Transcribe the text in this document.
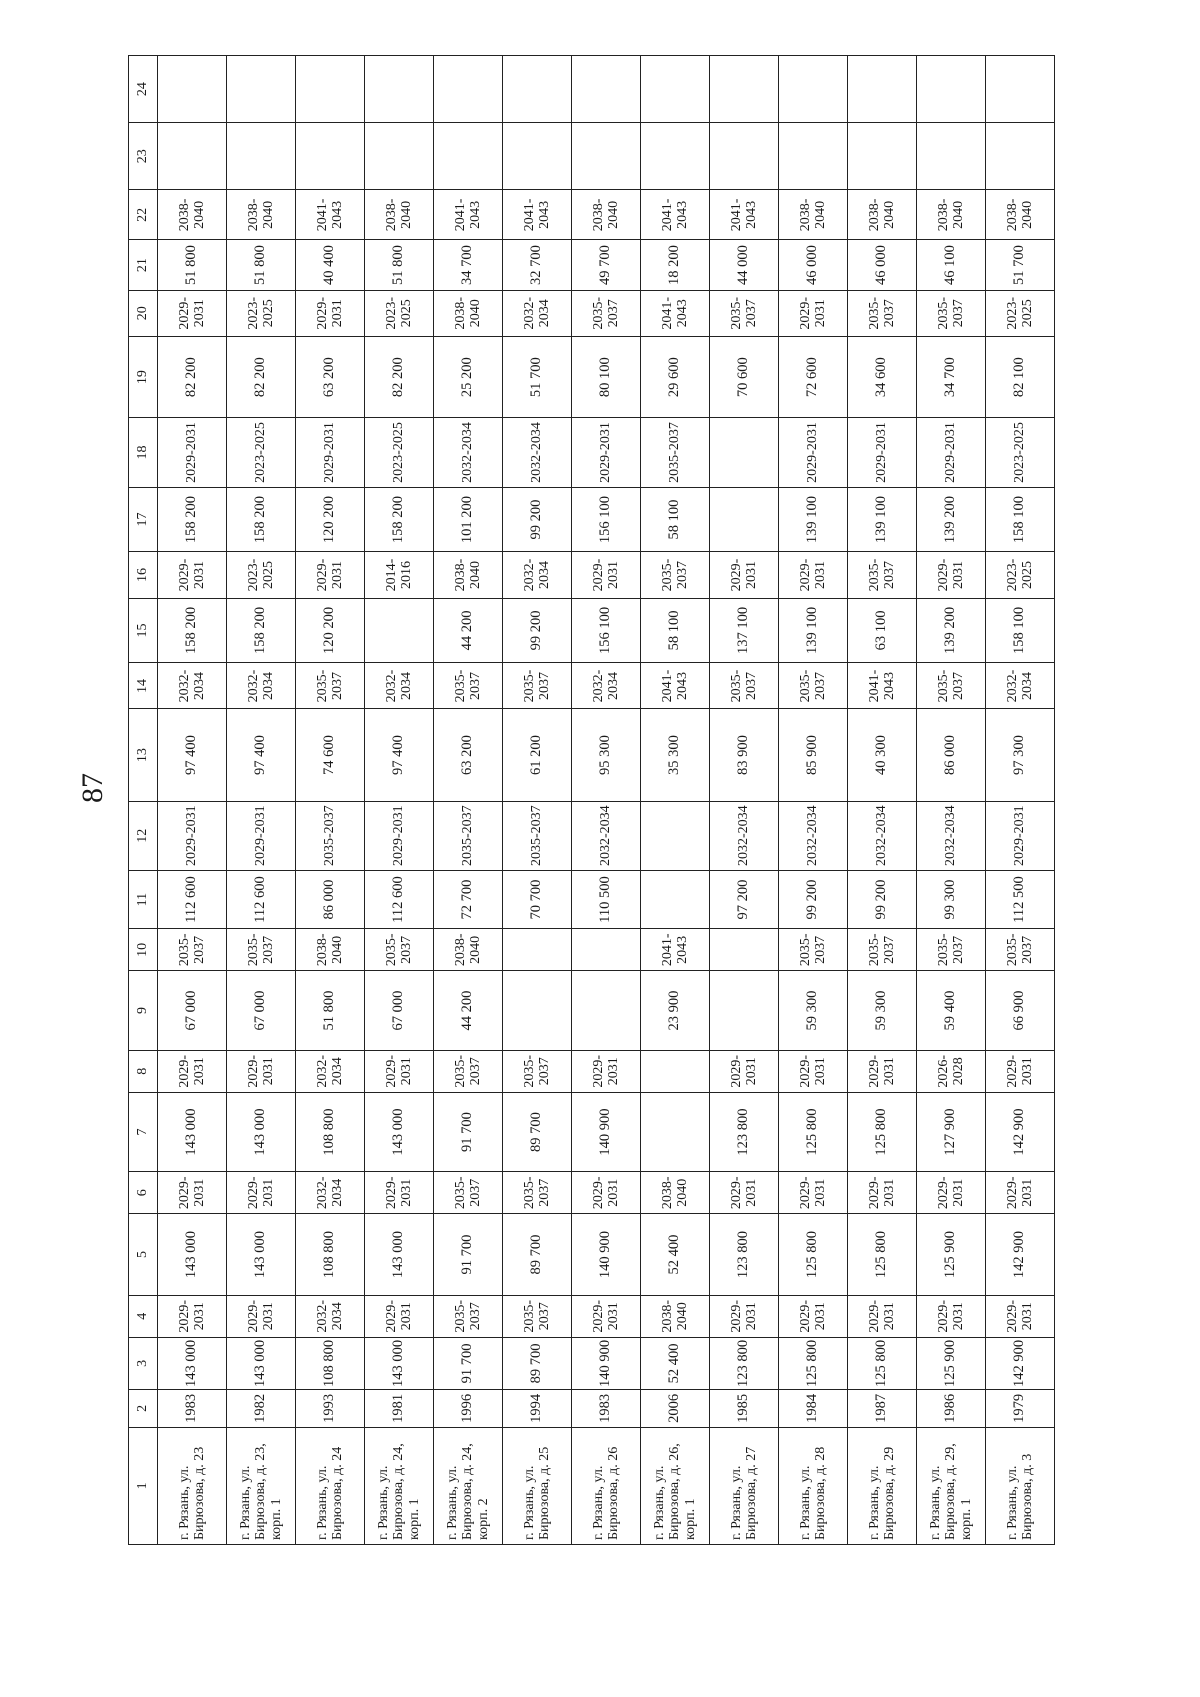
87
1	2	3	4	5	6	7	8	9	10	11	12	13	14	15	16	17	18	19	20	21	22	23	24
г. Рязань, ул. Бирюзова, д. 23	1983	143 000	2029-2031	143 000	2029-2031	143 000	2029-2031	67 000	2035-2037	112 600	2029-2031	97 400	2032-2034	158 200	2029-2031	158 200	2029-2031	82 200	2029-2031	51 800	2038-2040		
г. Рязань, ул. Бирюзова, д. 23, корп. 1	1982	143 000	2029-2031	143 000	2029-2031	143 000	2029-2031	67 000	2035-2037	112 600	2029-2031	97 400	2032-2034	158 200	2023-2025	158 200	2023-2025	82 200	2023-2025	51 800	2038-2040		
г. Рязань, ул. Бирюзова, д. 24	1993	108 800	2032-2034	108 800	2032-2034	108 800	2032-2034	51 800	2038-2040	86 000	2035-2037	74 600	2035-2037	120 200	2029-2031	120 200	2029-2031	63 200	2029-2031	40 400	2041-2043		
г. Рязань, ул. Бирюзова, д. 24, корп. 1	1981	143 000	2029-2031	143 000	2029-2031	143 000	2029-2031	67 000	2035-2037	112 600	2029-2031	97 400	2032-2034		2014-2016	158 200	2023-2025	82 200	2023-2025	51 800	2038-2040		
г. Рязань, ул. Бирюзова, д. 24, корп. 2	1996	91 700	2035-2037	91 700	2035-2037	91 700	2035-2037	44 200	2038-2040	72 700	2035-2037	63 200	2035-2037	44 200	2038-2040	101 200	2032-2034	25 200	2038-2040	34 700	2041-2043		
г. Рязань, ул. Бирюзова, д. 25	1994	89 700	2035-2037	89 700	2035-2037	89 700	2035-2037			70 700	2035-2037	61 200	2035-2037	99 200	2032-2034	99 200	2032-2034	51 700	2032-2034	32 700	2041-2043		
г. Рязань, ул. Бирюзова, д. 26	1983	140 900	2029-2031	140 900	2029-2031	140 900	2029-2031			110 500	2032-2034	95 300	2032-2034	156 100	2029-2031	156 100	2029-2031	80 100	2035-2037	49 700	2038-2040		
г. Рязань, ул. Бирюзова, д. 26, корп. 1	2006	52 400	2038-2040	52 400	2038-2040			23 900	2041-2043			35 300	2041-2043	58 100	2035-2037	58 100	2035-2037	29 600	2041-2043	18 200	2041-2043		
г. Рязань, ул. Бирюзова, д. 27	1985	123 800	2029-2031	123 800	2029-2031	123 800	2029-2031			97 200	2032-2034	83 900	2035-2037	137 100	2029-2031			70 600	2035-2037	44 000	2041-2043		
г. Рязань, ул. Бирюзова, д. 28	1984	125 800	2029-2031	125 800	2029-2031	125 800	2029-2031	59 300	2035-2037	99 200	2032-2034	85 900	2035-2037	139 100	2029-2031	139 100	2029-2031	72 600	2029-2031	46 000	2038-2040		
г. Рязань, ул. Бирюзова, д. 29	1987	125 800	2029-2031	125 800	2029-2031	125 800	2029-2031	59 300	2035-2037	99 200	2032-2034	40 300	2041-2043	63 100	2035-2037	139 100	2029-2031	34 600	2035-2037	46 000	2038-2040		
г. Рязань, ул. Бирюзова, д. 29, корп. 1	1986	125 900	2029-2031	125 900	2029-2031	127 900	2026-2028	59 400	2035-2037	99 300	2032-2034	86 000	2035-2037	139 200	2029-2031	139 200	2029-2031	34 700	2035-2037	46 100	2038-2040		
г. Рязань, ул. Бирюзова, д. 3	1979	142 900	2029-2031	142 900	2029-2031	142 900	2029-2031	66 900	2035-2037	112 500	2029-2031	97 300	2032-2034	158 100	2023-2025	158 100	2023-2025	82 100	2023-2025	51 700	2038-2040		
